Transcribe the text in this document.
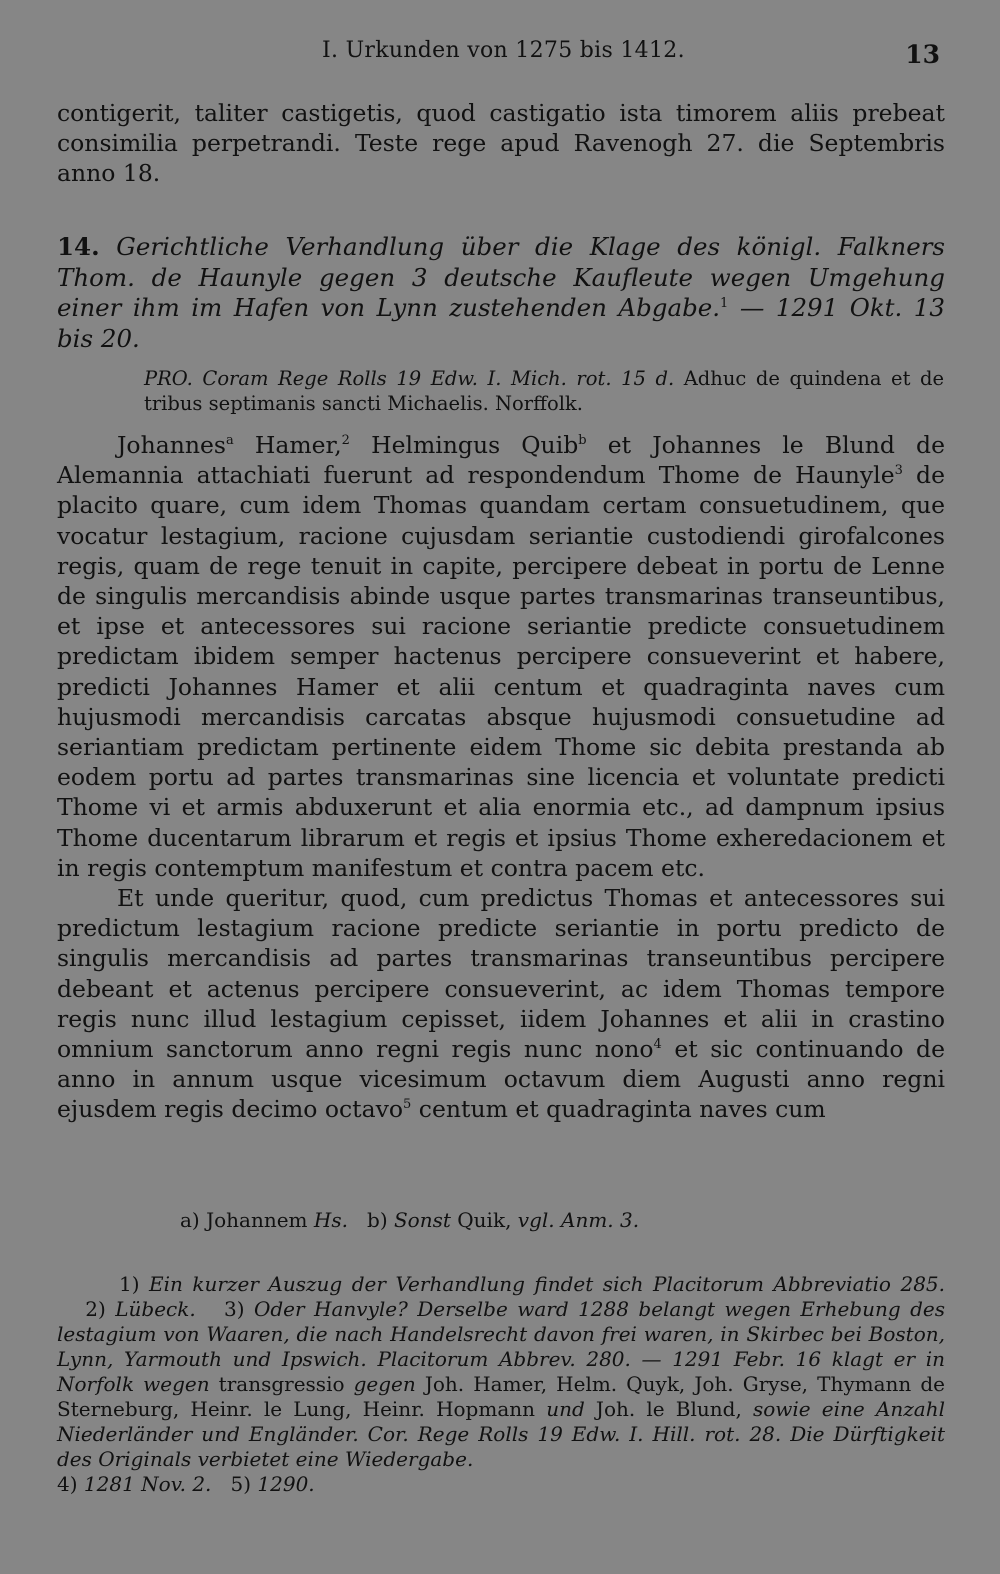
I. Urkunden von 1275 bis 1412.	13

contigerit, taliter castigetis, quod castigatio ista timorem aliis prebeat consimilia perpetrandi. Teste rege apud Ravenogh 27. die Septembris anno 18.

14. Gerichtliche Verhandlung über die Klage des königl. Falkners Thom. de Haunyle gegen 3 deutsche Kaufleute wegen Umgehung einer ihm im Hafen von Lynn zustehenden Abgabe.$^1$ — 1291 Okt. 13 bis 20.
PRO. Coram Rege Rolls 19 Edw. I. Mich. rot. 15 d. Adhuc de quindena et de tribus septimanis sancti Michaelis. Norffolk.

Johannes$^a$ Hamer,$^2$ Helmingus Quib$^b$ et Johannes le Blund de Alemannia attachiati fuerunt ad respondendum Thome de Haunyle$^3$ de placito quare, cum idem Thomas quandam certam consuetudinem, que vocatur lestagium, racione cujusdam seriantie custodiendi girofalcones regis, quam de rege tenuit in capite, percipere debeat in portu de Lenne de singulis mercandisis abinde usque partes transmarinas transeuntibus, et ipse et antecessores sui racione seriantie predicte consuetudinem predictam ibidem semper hactenus percipere consueverint et habere, predicti Johannes Hamer et alii centum et quadraginta naves cum hujusmodi mercandisis carcatas absque hujusmodi consuetudine ad seriantiam predictam pertinente eidem Thome sic debita prestanda ab eodem portu ad partes transmarinas sine licencia et voluntate predicti Thome vi et armis abduxerunt et alia enormia etc., ad dampnum ipsius Thome ducentarum librarum et regis et ipsius Thome exheredacionem et in regis contemptum manifestum et contra pacem etc.

Et unde queritur, quod, cum predictus Thomas et antecessores sui predictum lestagium racione predicte seriantie in portu predicto de singulis mercandisis ad partes transmarinas transeuntibus percipere debeant et actenus percipere consueverint, ac idem Thomas tempore regis nunc illud lestagium cepisset, iidem Johannes et alii in crastino omnium sanctorum anno regni regis nunc nono$^4$ et sic continuando de anno in annum usque vicesimum octavum diem Augusti anno regni ejusdem regis decimo octavo$^5$ centum et quadraginta naves cum

a) Johannem Hs.   b) Sonst Quik, vgl. Anm. 3.

1) Ein kurzer Auszug der Verhandlung findet sich Placitorum Abbreviatio 285.   2) Lübeck.   3) Oder Hanvyle? Derselbe ward 1288 belangt wegen Erhebung des lestagium von Waaren, die nach Handelsrecht davon frei waren, in Skirbec bei Boston, Lynn, Yarmouth und Ipswich. Placitorum Abbrev. 280. — 1291 Febr. 16 klagt er in Norfolk wegen transgressio gegen Joh. Hamer, Helm. Quyk, Joh. Gryse, Thymann de Sterneburg, Heinr. le Lung, Heinr. Hopmann und Joh. le Blund, sowie eine Anzahl Niederländer und Engländer. Cor. Rege Rolls 19 Edw. I. Hill. rot. 28. Die Dürftigkeit des Originals verbietet eine Wiedergabe.

4) 1281 Nov. 2.   5) 1290.
